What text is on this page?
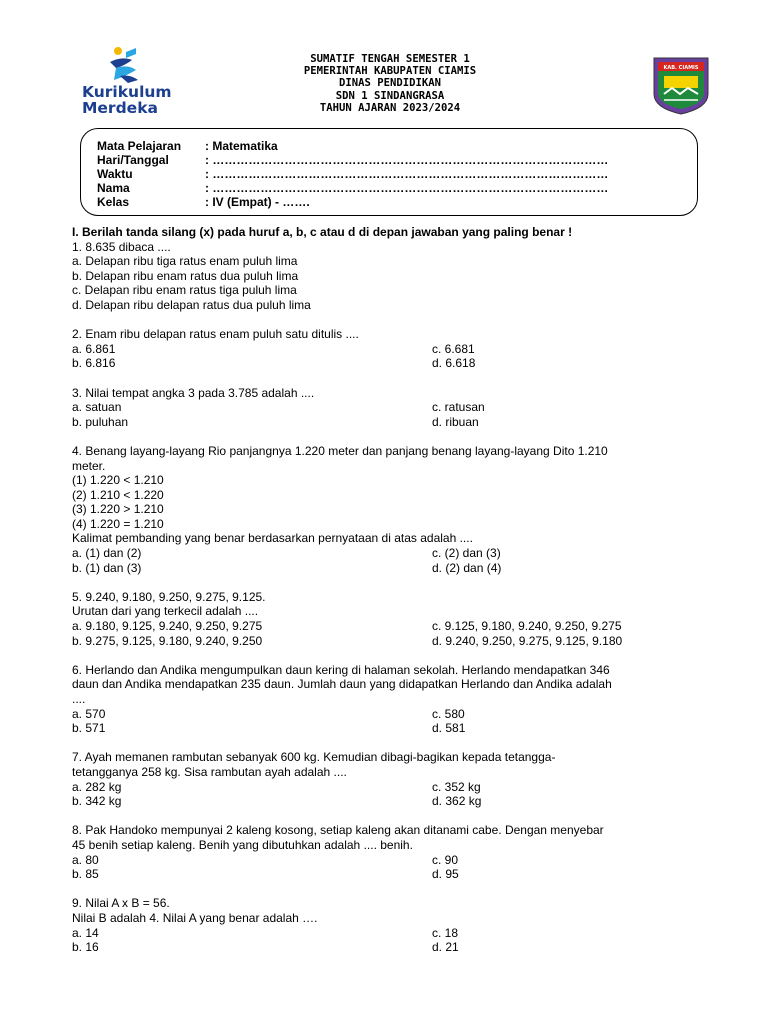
Kurikulum
Merdeka
SUMATIF TENGAH SEMESTER 1
PEMERINTAH KABUPATEN CIAMIS
DINAS PENDIDIKAN
SDN 1 SINDANGRASA
TAHUN AJARAN 2023/2024
KAB. CIAMIS
Mata Pelajaran : Matematika
Hari/Tanggal	: ………………………………………………………………………………………
Waktu	: ………………………………………………………………………………………
Nama	: ………………………………………………………………………………………
Kelas	: IV (Empat) - …….
I. Berilah tanda silang (x) pada huruf a, b, c atau d di depan jawaban yang paling benar !
1. 8.635 dibaca ....
a. Delapan ribu tiga ratus enam puluh lima
b. Delapan ribu enam ratus dua puluh lima
c. Delapan ribu enam ratus tiga puluh lima
d. Delapan ribu delapan ratus dua puluh lima
2. Enam ribu delapan ratus enam puluh satu ditulis ....
a. 6.861	c. 6.681
b. 6.816	d. 6.618
3. Nilai tempat angka 3 pada 3.785 adalah ....
a. satuan	c. ratusan
b. puluhan	d. ribuan
4. Benang layang-layang Rio panjangnya 1.220 meter dan panjang benang layang-layang Dito 1.210
meter.
(1) 1.220 < 1.210
(2) 1.210 < 1.220
(3) 1.220 > 1.210
(4) 1.220 = 1.210
Kalimat pembanding yang benar berdasarkan pernyataan di atas adalah ....
a. (1) dan (2)	c. (2) dan (3)
b. (1) dan (3)	d. (2) dan (4)
5. 9.240, 9.180, 9.250, 9.275, 9.125.
Urutan dari yang terkecil adalah ....
a. 9.180, 9.125, 9.240, 9.250, 9.275	c. 9.125, 9.180, 9.240, 9.250, 9.275
b. 9.275, 9.125, 9.180, 9.240, 9.250	d. 9.240, 9.250, 9.275, 9.125, 9.180
6. Herlando dan Andika mengumpulkan daun kering di halaman sekolah. Herlando mendapatkan 346
daun dan Andika mendapatkan 235 daun. Jumlah daun yang didapatkan Herlando dan Andika adalah
....
a. 570	c. 580
b. 571	d. 581
7. Ayah memanen rambutan sebanyak 600 kg. Kemudian dibagi-bagikan kepada tetangga-
tetangganya 258 kg. Sisa rambutan ayah adalah ....
a. 282 kg	c. 352 kg
b. 342 kg	d. 362 kg
8. Pak Handoko mempunyai 2 kaleng kosong, setiap kaleng akan ditanami cabe. Dengan menyebar
45 benih setiap kaleng. Benih yang dibutuhkan adalah .... benih.
a. 80	c. 90
b. 85	d. 95
9. Nilai A x B = 56.
Nilai B adalah 4. Nilai A yang benar adalah ….
a. 14	c. 18
b. 16	d. 21
